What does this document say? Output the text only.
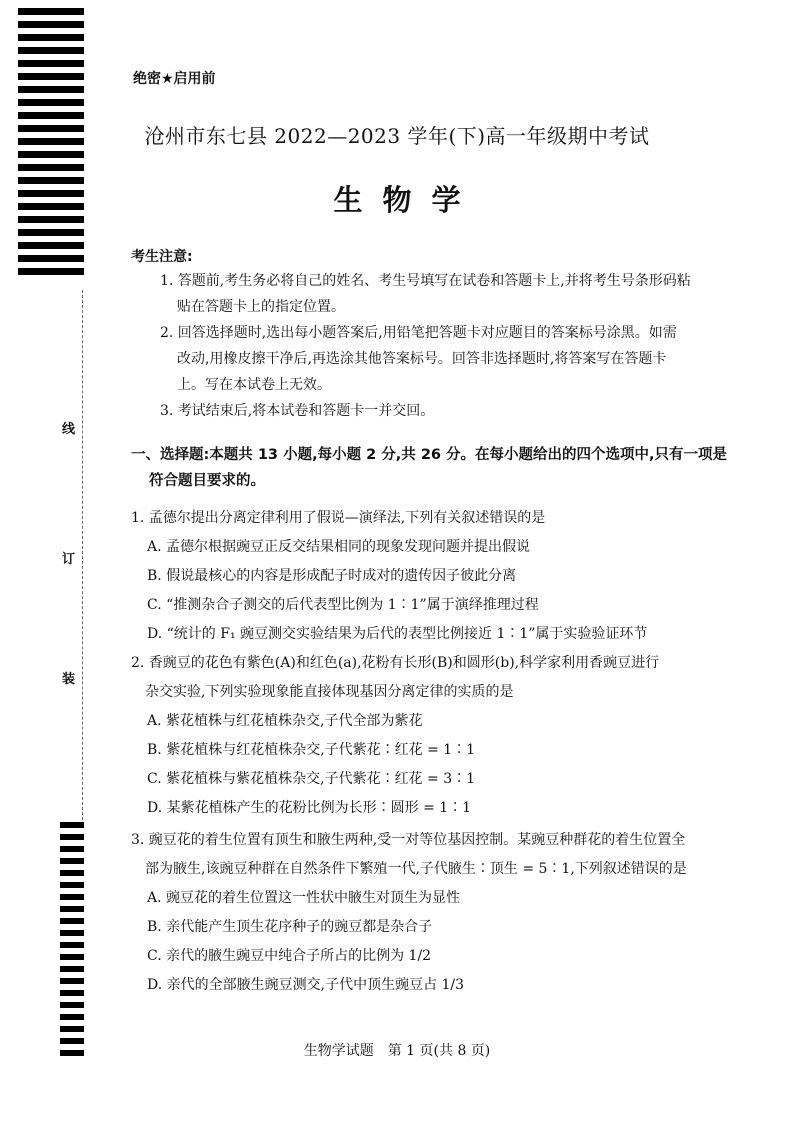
线
订
装
绝密★启用前
沧州市东七县 2022—2023 学年(下)高一年级期中考试
生物学
考生注意:

1. 答题前,考生务必将自己的姓名、考生号填写在试卷和答题卡上,并将考生号条形码粘

贴在答题卡上的指定位置。

2. 回答选择题时,选出每小题答案后,用铅笔把答题卡对应题目的答案标号涂黑。如需

改动,用橡皮擦干净后,再选涂其他答案标号。回答非选择题时,将答案写在答题卡

上。写在本试卷上无效。

3. 考试结束后,将本试卷和答题卡一并交回。

一、选择题:本题共 13 小题,每小题 2 分,共 26 分。在每小题给出的四个选项中,只有一项是
符合题目要求的。
1. 孟德尔提出分离定律利用了假说—演绎法,下列有关叙述错误的是
A. 孟德尔根据豌豆正反交结果相同的现象发现问题并提出假说
B. 假说最核心的内容是形成配子时成对的遗传因子彼此分离
C. “推测杂合子测交的后代表型比例为 1∶1”属于演绎推理过程
D. “统计的 F₁ 豌豆测交实验结果为后代的表型比例接近 1∶1”属于实验验证环节
2. 香豌豆的花色有紫色(A)和红色(a),花粉有长形(B)和圆形(b),科学家利用香豌豆进行
杂交实验,下列实验现象能直接体现基因分离定律的实质的是
A. 紫花植株与红花植株杂交,子代全部为紫花
B. 紫花植株与红花植株杂交,子代紫花∶红花 = 1∶1
C. 紫花植株与紫花植株杂交,子代紫花∶红花 = 3∶1
D. 某紫花植株产生的花粉比例为长形∶圆形 = 1∶1
3. 豌豆花的着生位置有顶生和腋生两种,受一对等位基因控制。某豌豆种群花的着生位置全
部为腋生,该豌豆种群在自然条件下繁殖一代,子代腋生∶顶生 = 5∶1,下列叙述错误的是
A. 豌豆花的着生位置这一性状中腋生对顶生为显性
B. 亲代能产生顶生花序种子的豌豆都是杂合子
C. 亲代的腋生豌豆中纯合子所占的比例为 1/2
D. 亲代的全部腋生豌豆测交,子代中顶生豌豆占 1/3
生物学试题　第 1 页(共 8 页)
